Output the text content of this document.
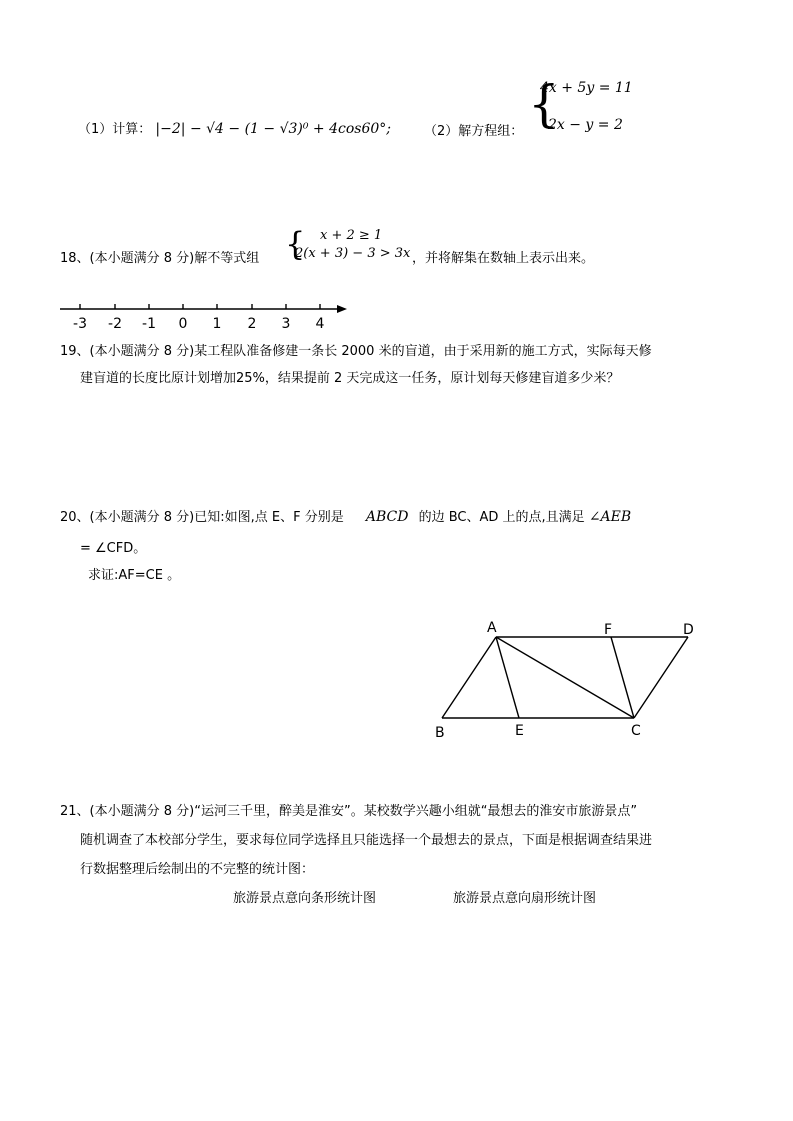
（1）计算： |−2| − √4 − (1 − √3)⁰ + 4cos60°;	（2）解方程组： {
4x + 5y = 11
2x − y = 2
18、(本小题满分 8 分)解不等式组 { x + 2 ≥ 1
2(x + 3) − 3 > 3x ，并将解集在数轴上表示出来。
-3 -2 -1 0 1 2 3 4
19、(本小题满分 8 分)某工程队准备修建一条长 2000 米的盲道，由于采用新的施工方式，实际每天修
建盲道的长度比原计划增加25%，结果提前 2 天完成这一任务，原计划每天修建盲道多少米？
20、(本小题满分 8 分)已知:如图,点 E、F 分别是 ABCD 的边 BC、AD 上的点,且满足 ∠AEB
= ∠CFD。
求证:AF=CE 。
A	F	D
B	E	C
21、(本小题满分 8 分)“运河三千里，醉美是淮安”。某校数学兴趣小组就“最想去的淮安市旅游景点”
随机调查了本校部分学生，要求每位同学选择且只能选择一个最想去的景点，下面是根据调查结果进
行数据整理后绘制出的不完整的统计图：
旅游景点意向条形统计图	旅游景点意向扇形统计图
